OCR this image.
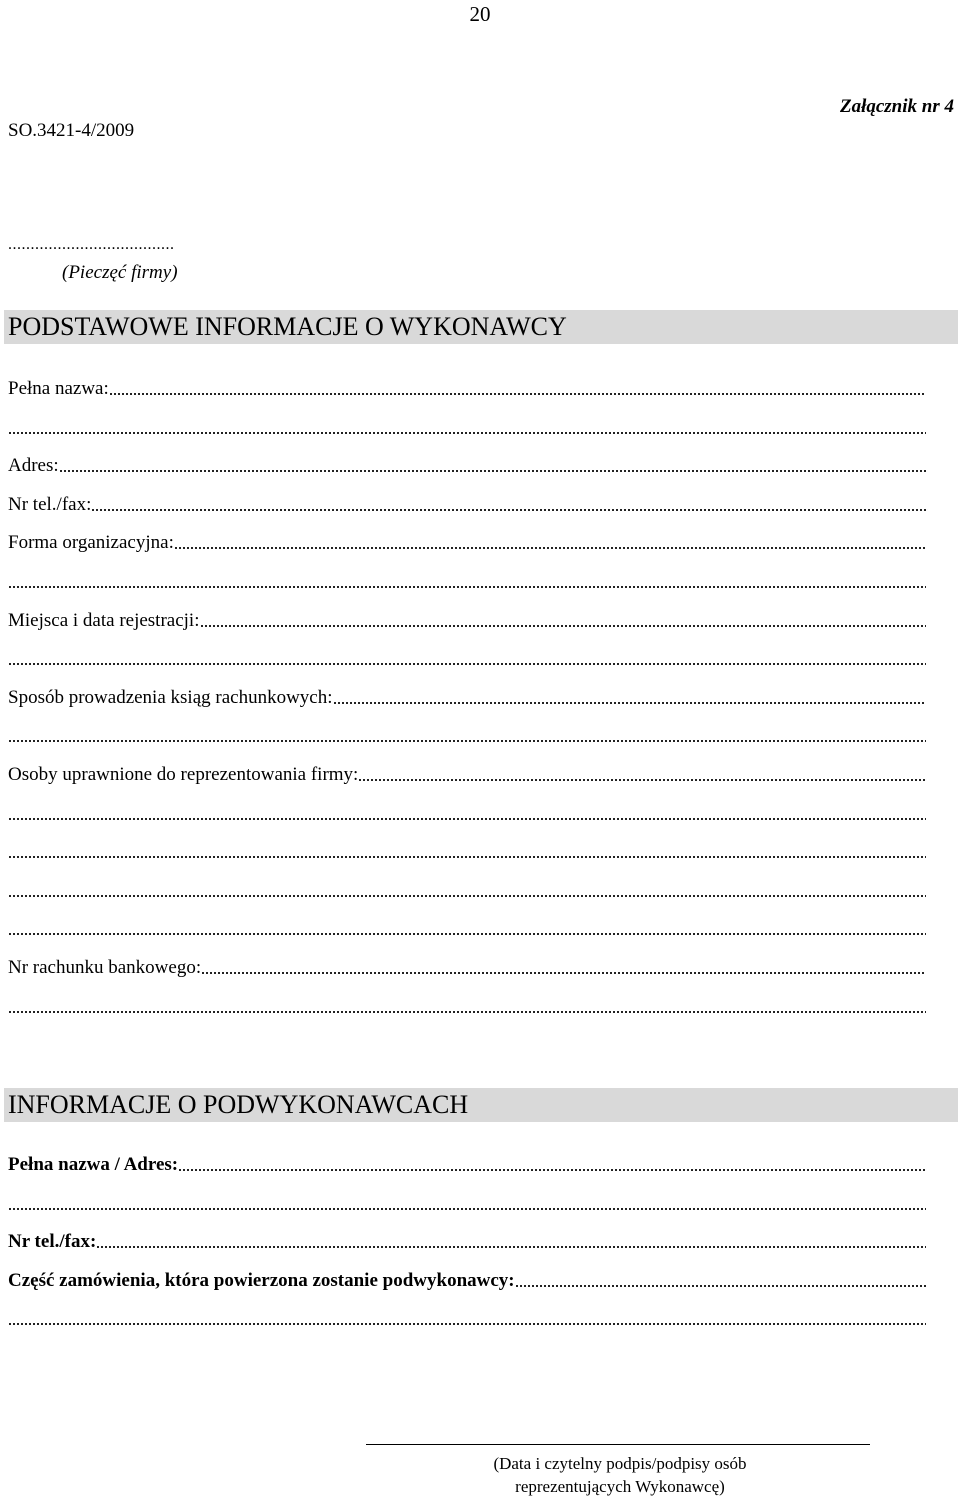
20
SO.3421-4/2009
Załącznik nr 4
.....................................
(Pieczęć firmy)
PODSTAWOWE INFORMACJE O WYKONAWCY
Pełna nazwa:
Adres:
Nr tel./fax:
Forma organizacyjna:
Miejsca i data rejestracji:
Sposób prowadzenia ksiąg rachunkowych:
Osoby uprawnione do reprezentowania firmy:
Nr rachunku bankowego:
INFORMACJE O PODWYKONAWCACH
Pełna nazwa / Adres:
Nr tel./fax:
Część zamówienia, która powierzona zostanie podwykonawcy:
(Data i czytelny podpis/podpisy osób
reprezentujących Wykonawcę)
